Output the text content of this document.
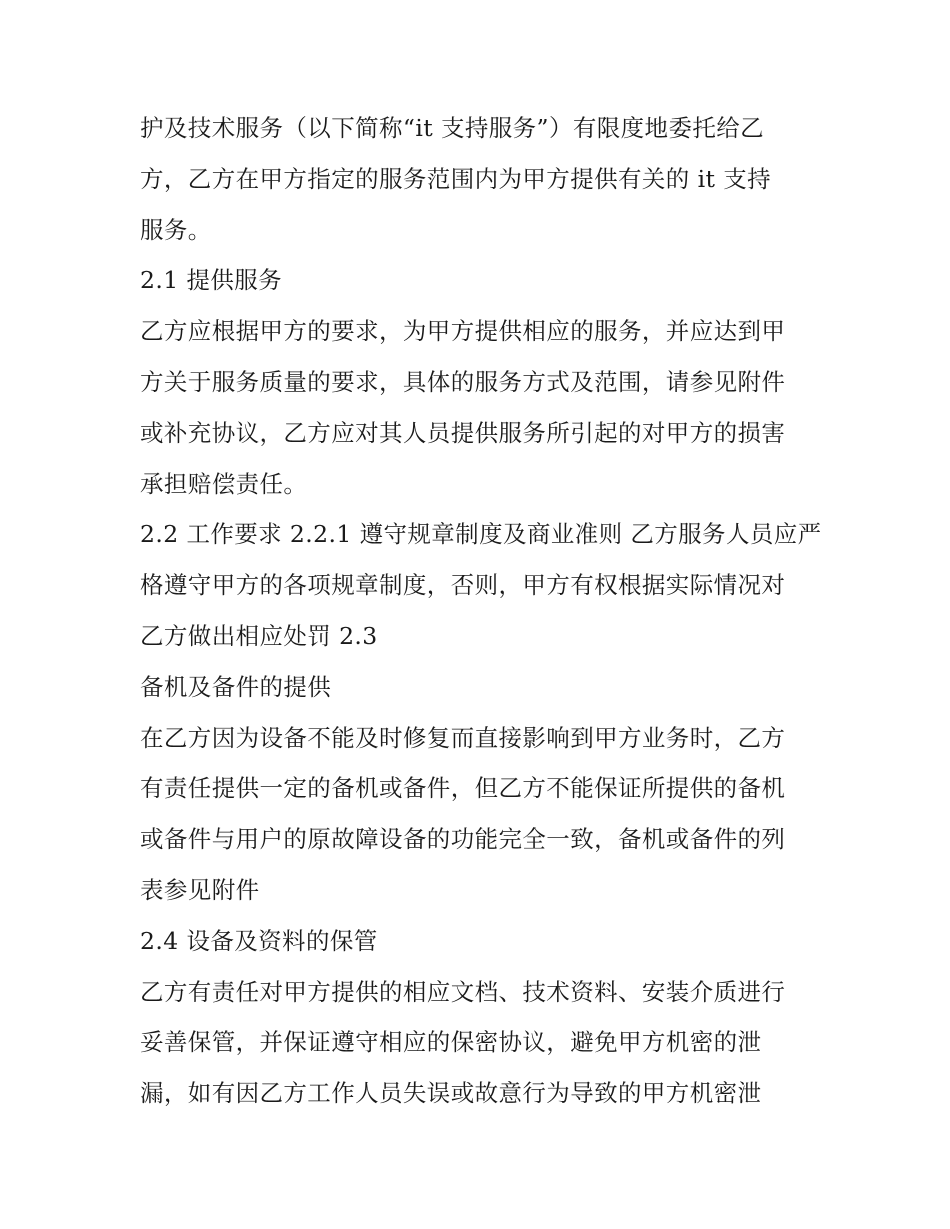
护及技术服务（以下简称“it 支持服务”）有限度地委托给乙
方，乙方在甲方指定的服务范围内为甲方提供有关的 it 支持
服务。
2.1 提供服务
乙方应根据甲方的要求，为甲方提供相应的服务，并应达到甲
方关于服务质量的要求，具体的服务方式及范围，请参见附件
或补充协议，乙方应对其人员提供服务所引起的对甲方的损害
承担赔偿责任。
2.2 工作要求 2.2.1 遵守规章制度及商业准则 乙方服务人员应严
格遵守甲方的各项规章制度，否则，甲方有权根据实际情况对
乙方做出相应处罚 2.3
备机及备件的提供
在乙方因为设备不能及时修复而直接影响到甲方业务时，乙方
有责任提供一定的备机或备件，但乙方不能保证所提供的备机
或备件与用户的原故障设备的功能完全一致，备机或备件的列
表参见附件
2.4 设备及资料的保管
乙方有责任对甲方提供的相应文档、技术资料、安装介质进行
妥善保管，并保证遵守相应的保密协议，避免甲方机密的泄
漏，如有因乙方工作人员失误或故意行为导致的甲方机密泄
